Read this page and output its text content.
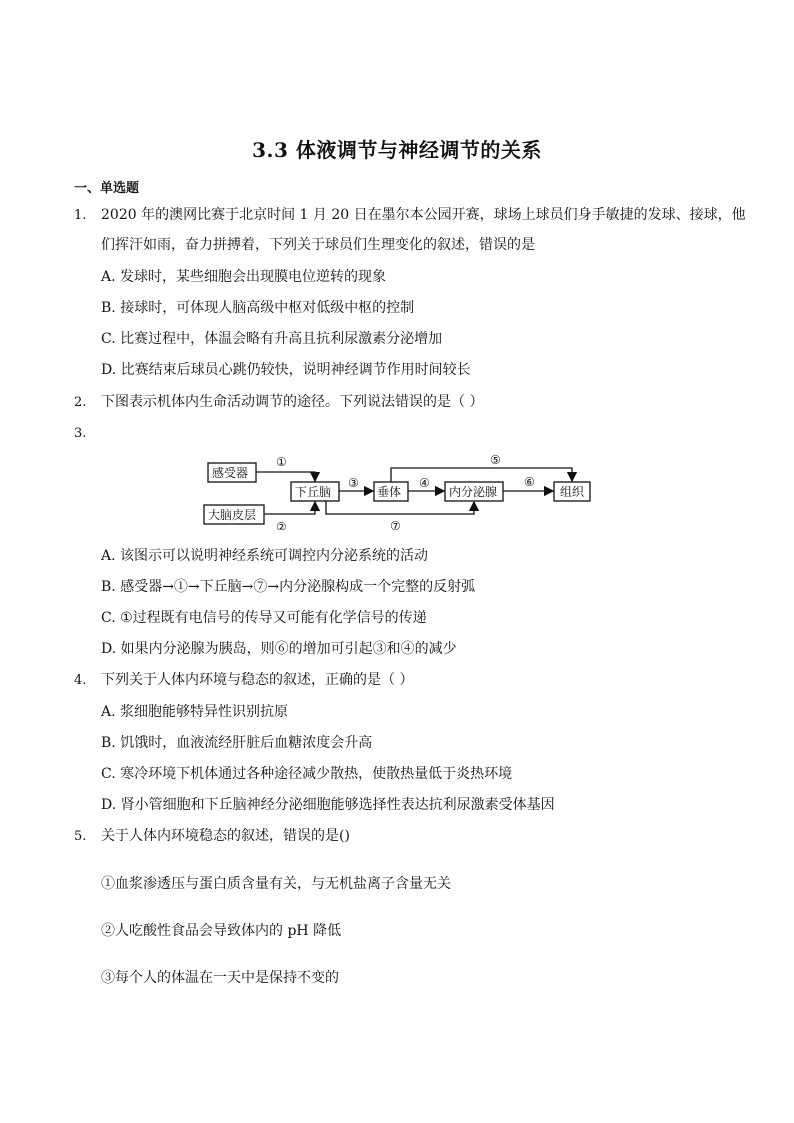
3.3 体液调节与神经调节的关系
一、单选题
1. 2020 年的澳网比赛于北京时间 1 月 20 日在墨尔本公园开赛，球场上球员们身手敏捷的发球、接球，他
们挥汗如雨，奋力拼搏着，下列关于球员们生理变化的叙述，错误的是
A. 发球时，某些细胞会出现膜电位逆转的现象
B. 接球时，可体现人脑高级中枢对低级中枢的控制
C. 比赛过程中，体温会略有升高且抗利尿激素分泌增加
D. 比赛结束后球员心跳仍较快，说明神经调节作用时间较长
2. 下图表示机体内生命活动调节的途径。下列说法错误的是（ ）
3.
感受器
大脑皮层
下丘脑	垂体	内分泌腺	组织
①
②
③	④
⑤
⑥
⑦
A. 该图示可以说明神经系统可调控内分泌系统的活动
B. 感受器→①→下丘脑→⑦→内分泌腺构成一个完整的反射弧
C. ①过程既有电信号的传导又可能有化学信号的传递
D. 如果内分泌腺为胰岛，则⑥的增加可引起③和④的减少
4. 下列关于人体内环境与稳态的叙述，正确的是（ ）
A. 浆细胞能够特异性识别抗原
B. 饥饿时，血液流经肝脏后血糖浓度会升高
C. 寒冷环境下机体通过各种途径减少散热，使散热量低于炎热环境
D. 肾小管细胞和下丘脑神经分泌细胞能够选择性表达抗利尿激素受体基因
5. 关于人体内环境稳态的叙述，错误的是()
①血浆渗透压与蛋白质含量有关，与无机盐离子含量无关
②人吃酸性食品会导致体内的 pH 降低
③每个人的体温在一天中是保持不变的
